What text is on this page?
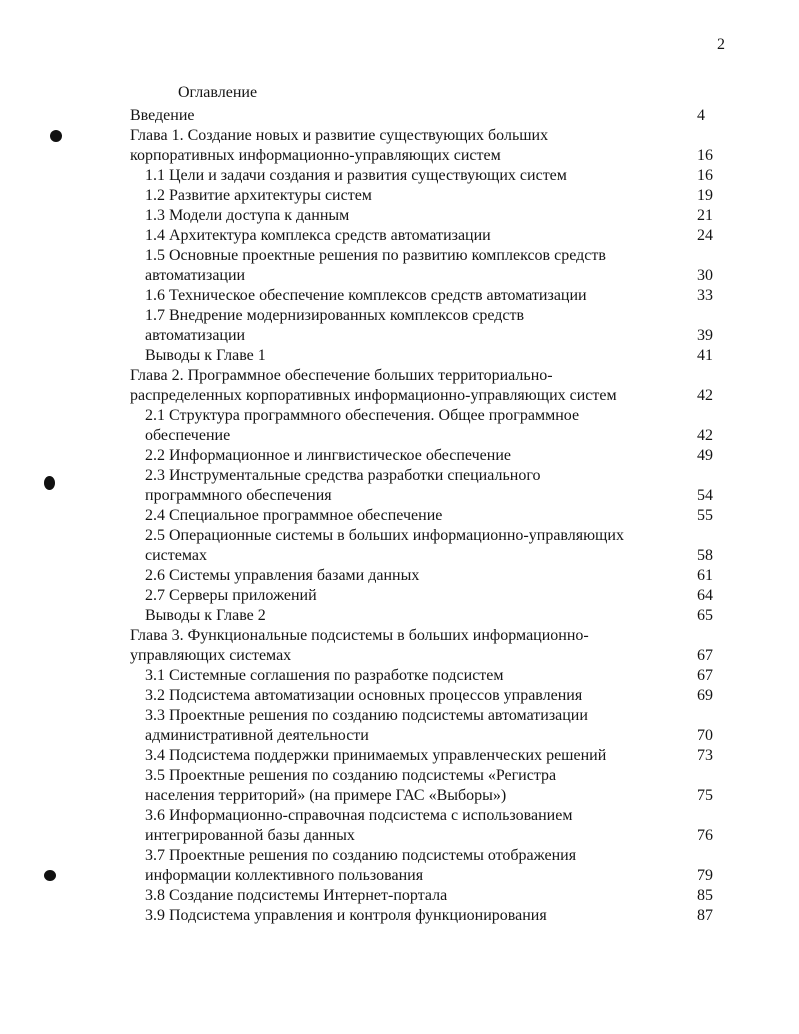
2
Оглавление
Введение	4
Глава 1. Создание новых и развитие существующих больших
корпоративных информационно-управляющих систем	16
1.1 Цели и задачи создания и развития существующих систем	16
1.2 Развитие архитектуры систем	19
1.3 Модели доступа к данным	21
1.4 Архитектура комплекса средств автоматизации	24
1.5 Основные проектные решения по развитию комплексов средств
автоматизации	30
1.6 Техническое обеспечение комплексов средств автоматизации	33
1.7 Внедрение модернизированных комплексов средств
автоматизации	39
Выводы к Главе 1	41
Глава 2. Программное обеспечение больших территориально-
распределенных корпоративных информационно-управляющих систем	42
2.1 Структура программного обеспечения. Общее программное
обеспечение	42
2.2 Информационное и лингвистическое обеспечение	49
2.3 Инструментальные средства разработки специального
программного обеспечения	54
2.4 Специальное программное обеспечение	55
2.5 Операционные системы в больших информационно-управляющих
системах	58
2.6 Системы управления базами данных	61
2.7 Серверы приложений	64
Выводы к Главе 2	65
Глава 3. Функциональные подсистемы в больших информационно-
управляющих системах	67
3.1 Системные соглашения по разработке подсистем	67
3.2 Подсистема автоматизации основных процессов управления	69
3.3 Проектные решения по созданию подсистемы автоматизации
административной деятельности	70
3.4 Подсистема поддержки принимаемых управленческих решений	73
3.5 Проектные решения по созданию подсистемы «Регистра
населения территорий» (на примере ГАС «Выборы»)	75
3.6 Информационно-справочная подсистема с использованием
интегрированной базы данных	76
3.7 Проектные решения по созданию подсистемы отображения
информации коллективного пользования	79
3.8 Создание подсистемы Интернет-портала	85
3.9 Подсистема управления и контроля функционирования	87
